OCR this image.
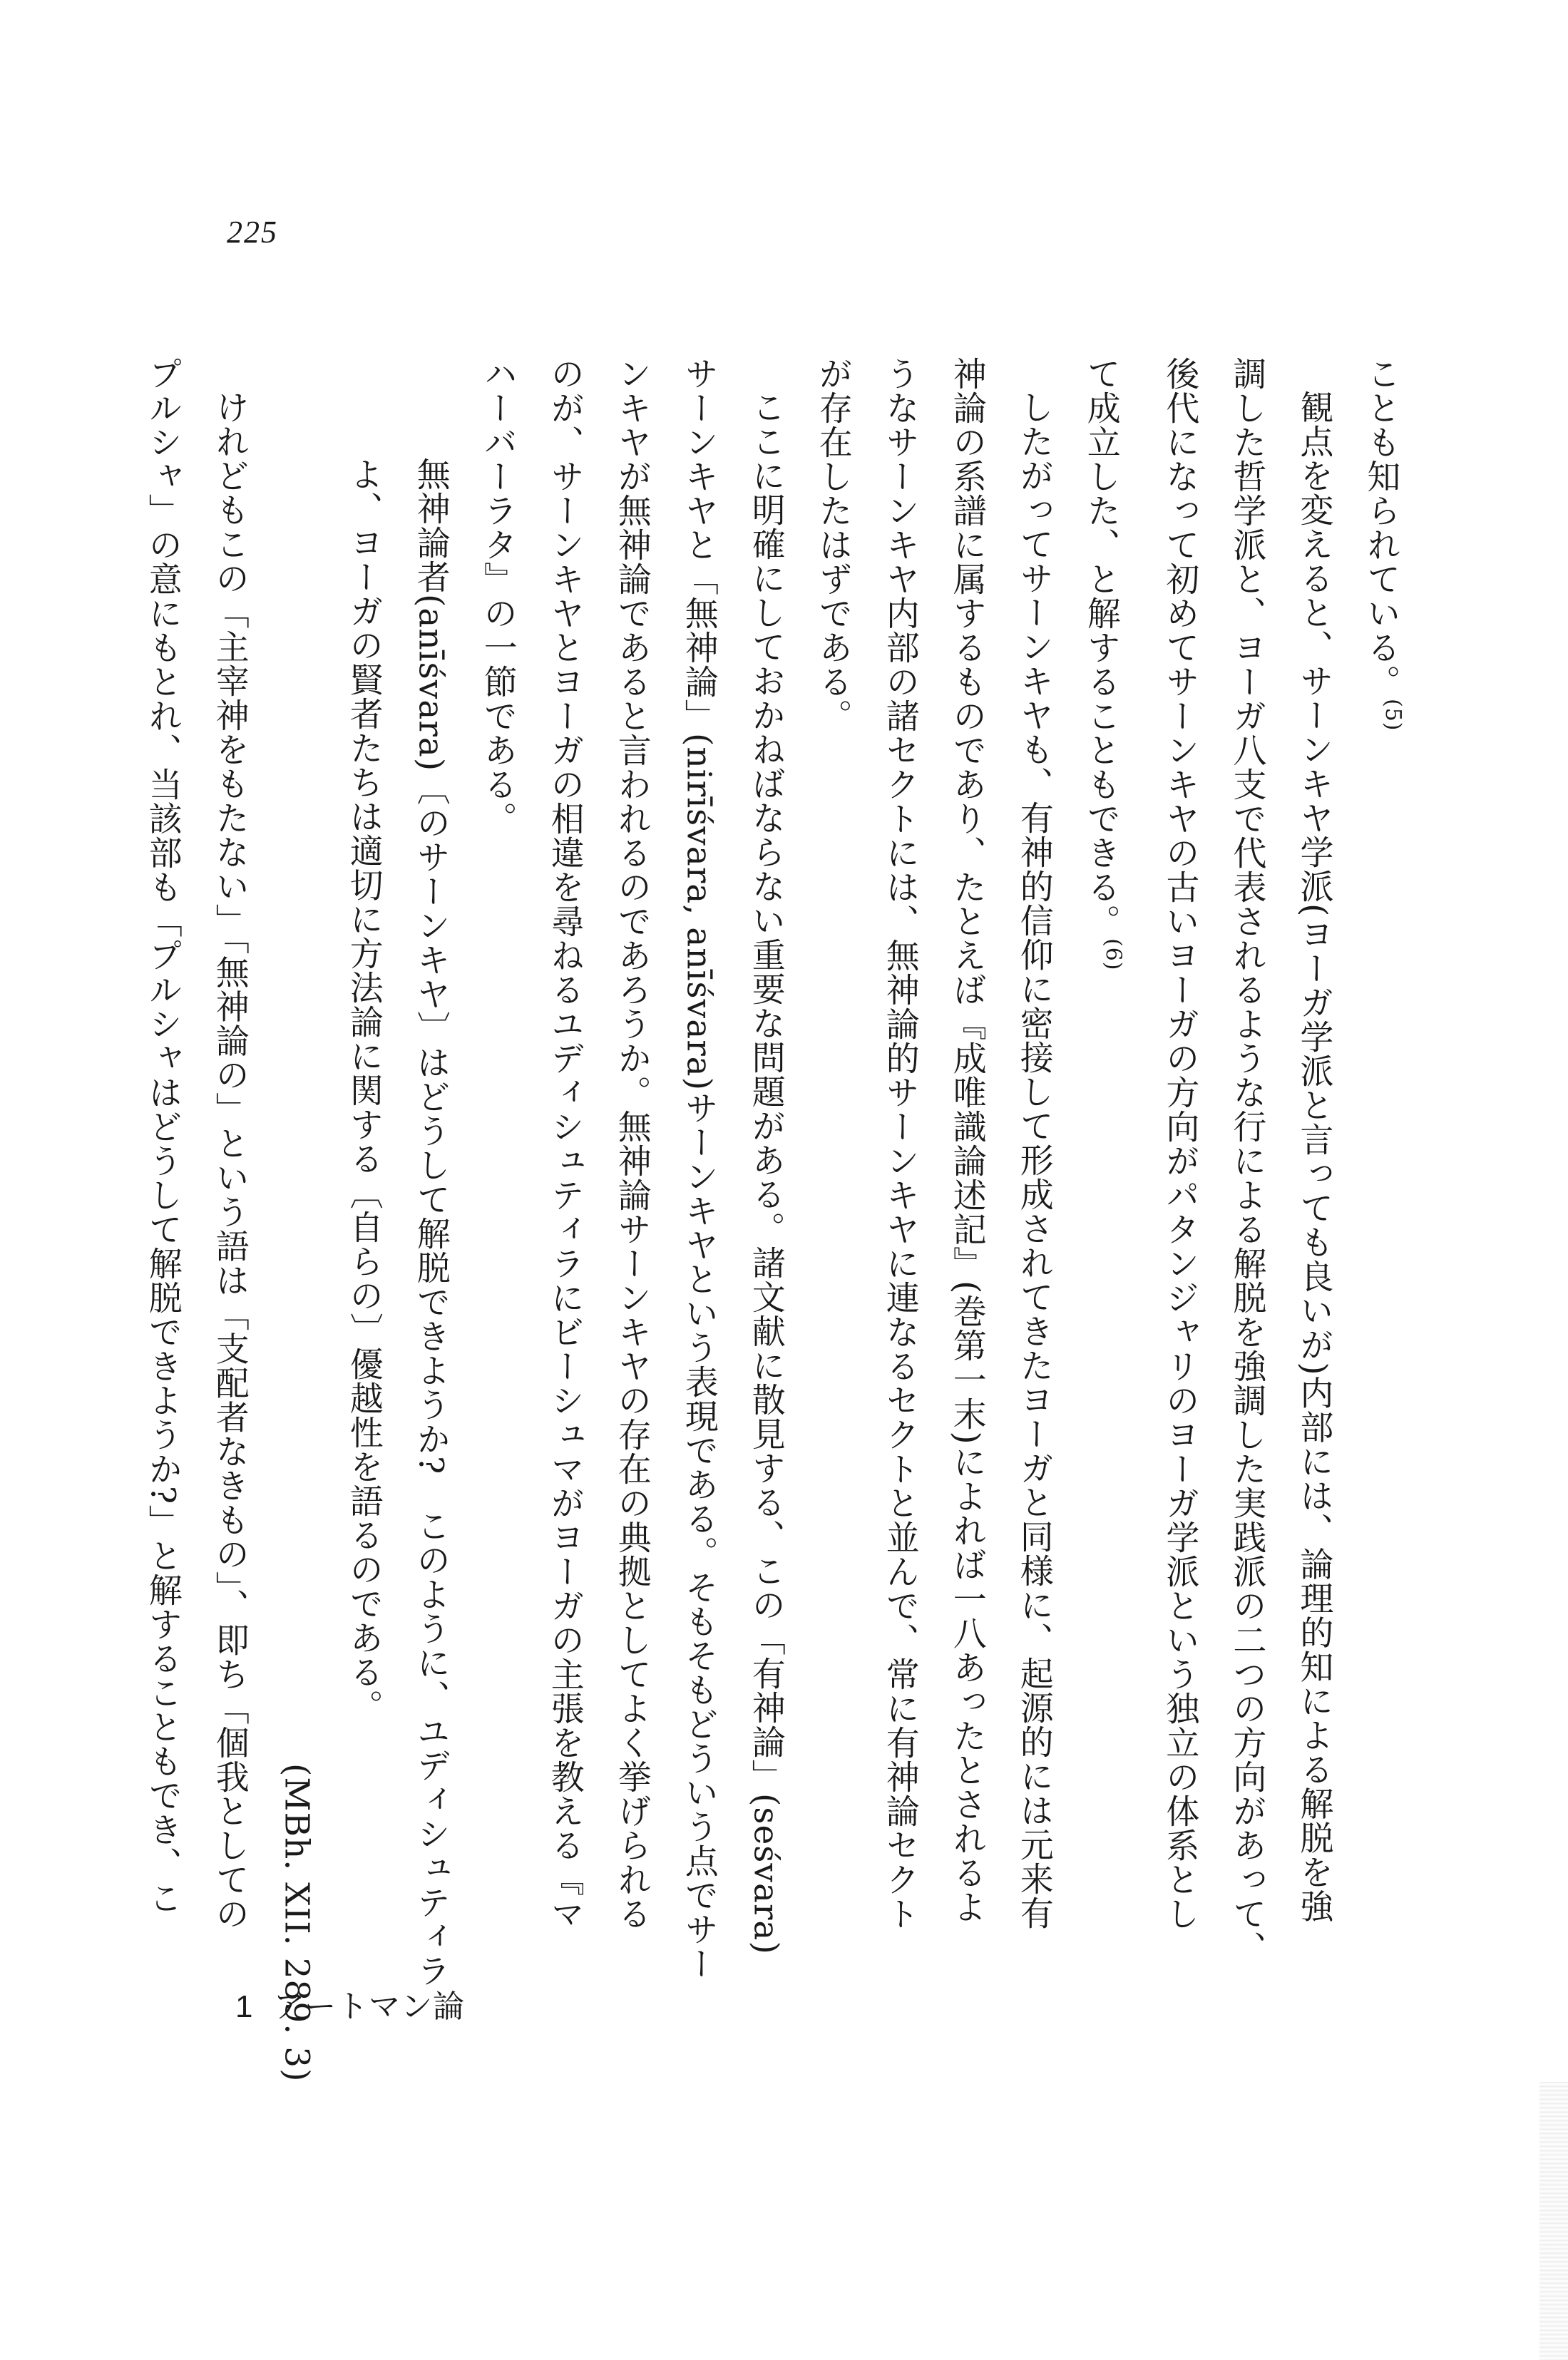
225
ことも知られている。$^{(5)}$
観点を変えると、サーンキヤ学派(ヨーガ学派と言っても良いが)内部には、論理的知による解脱を強
調した哲学派と、ヨーガ八支で代表されるような行による解脱を強調した実践派の二つの方向があって、
後代になって初めてサーンキヤの古いヨーガの方向がパタンジャリのヨーガ学派という独立の体系とし
て成立した、と解することもできる。$^{(6)}$
したがってサーンキヤも、有神的信仰に密接して形成されてきたヨーガと同様に、起源的には元来有
神論の系譜に属するものであり、たとえば『成唯識論述記』(巻第一末)によれば一八あったとされるよ
うなサーンキヤ内部の諸セクトには、無神論的サーンキヤに連なるセクトと並んで、常に有神論セクト
が存在したはずである。
ここに明確にしておかねばならない重要な問題がある。諸文献に散見する、この「有神論」(seśvara)
サーンキヤと「無神論」(nirīśvara, anīśvara)サーンキヤという表現である。そもそもどういう点でサー
ンキヤが無神論であると言われるのであろうか。無神論サーンキヤの存在の典拠としてよく挙げられる
のが、サーンキヤとヨーガの相違を尋ねるユディシュティラにビーシュマがヨーガの主張を教える『マ
ハーバーラタ』の一節である。
無神論者(anīśvara)〔のサーンキヤ〕はどうして解脱できようか?　このように、ユディシュティラ
よ、ヨーガの賢者たちは適切に方法論に関する〔自らの〕優越性を語るのである。
(MBh. XII. 289. 3)
けれどもこの「主宰神をもたない」「無神論の」という語は「支配者なきもの」、即ち「個我としての
プルシャ」の意にもとれ、当該部も「プルシャはどうして解脱できようか?」と解することもでき、こ
1 アートマン論
